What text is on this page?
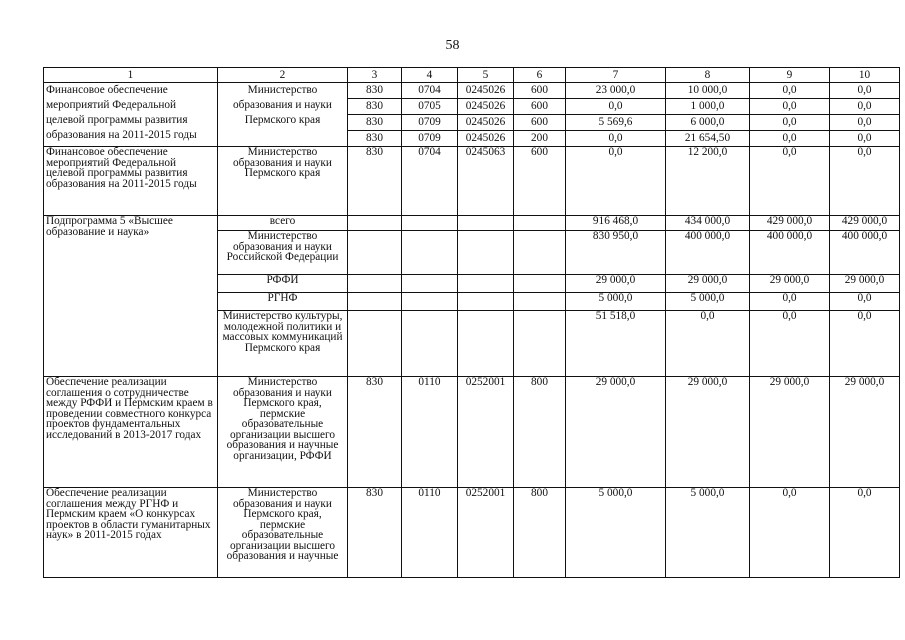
58
1	2	3	4	5	6	7	8	9	10
Финансовое обеспечение мероприятий Федеральной целевой программы развития образования на 2011-2015 годы	Министерство образования и науки Пермского края	830	0704	0245026	600	23 000,0	10 000,0	0,0	0,0
		830	0705	0245026	600	0,0	1 000,0	0,0	0,0
		830	0709	0245026	600	5 569,6	6 000,0	0,0	0,0
		830	0709	0245026	200	0,0	21 654,50	0,0	0,0
Финансовое обеспечение мероприятий Федеральной целевой программы развития образования на 2011-2015 годы	Министерство образования и науки Пермского края	830	0704	0245063	600	0,0	12 200,0	0,0	0,0
Подпрограмма 5 «Высшее образование и наука»	всего					916 468,0	434 000,0	429 000,0	429 000,0
	Министерство образования и науки Российской Федерации					830 950,0	400 000,0	400 000,0	400 000,0
	РФФИ					29 000,0	29 000,0	29 000,0	29 000,0
	РГНФ					5 000,0	5 000,0	0,0	0,0
	Министерство культуры, молодежной политики и массовых коммуникаций Пермского края					51 518,0	0,0	0,0	0,0
Обеспечение реализации соглашения о сотрудничестве между РФФИ и Пермским краем в проведении совместного конкурса проектов фундаментальных исследований в 2013-2017 годах	Министерство образования и науки Пермского края, пермские образовательные организации высшего образования и научные организации, РФФИ	830	0110	0252001	800	29 000,0	29 000,0	29 000,0	29 000,0
Обеспечение реализации соглашения между РГНФ и Пермским краем «О конкурсах проектов в области гуманитарных наук» в 2011-2015 годах	Министерство образования и науки Пермского края, пермские образовательные организации высшего образования и научные	830	0110	0252001	800	5 000,0	5 000,0	0,0	0,0
